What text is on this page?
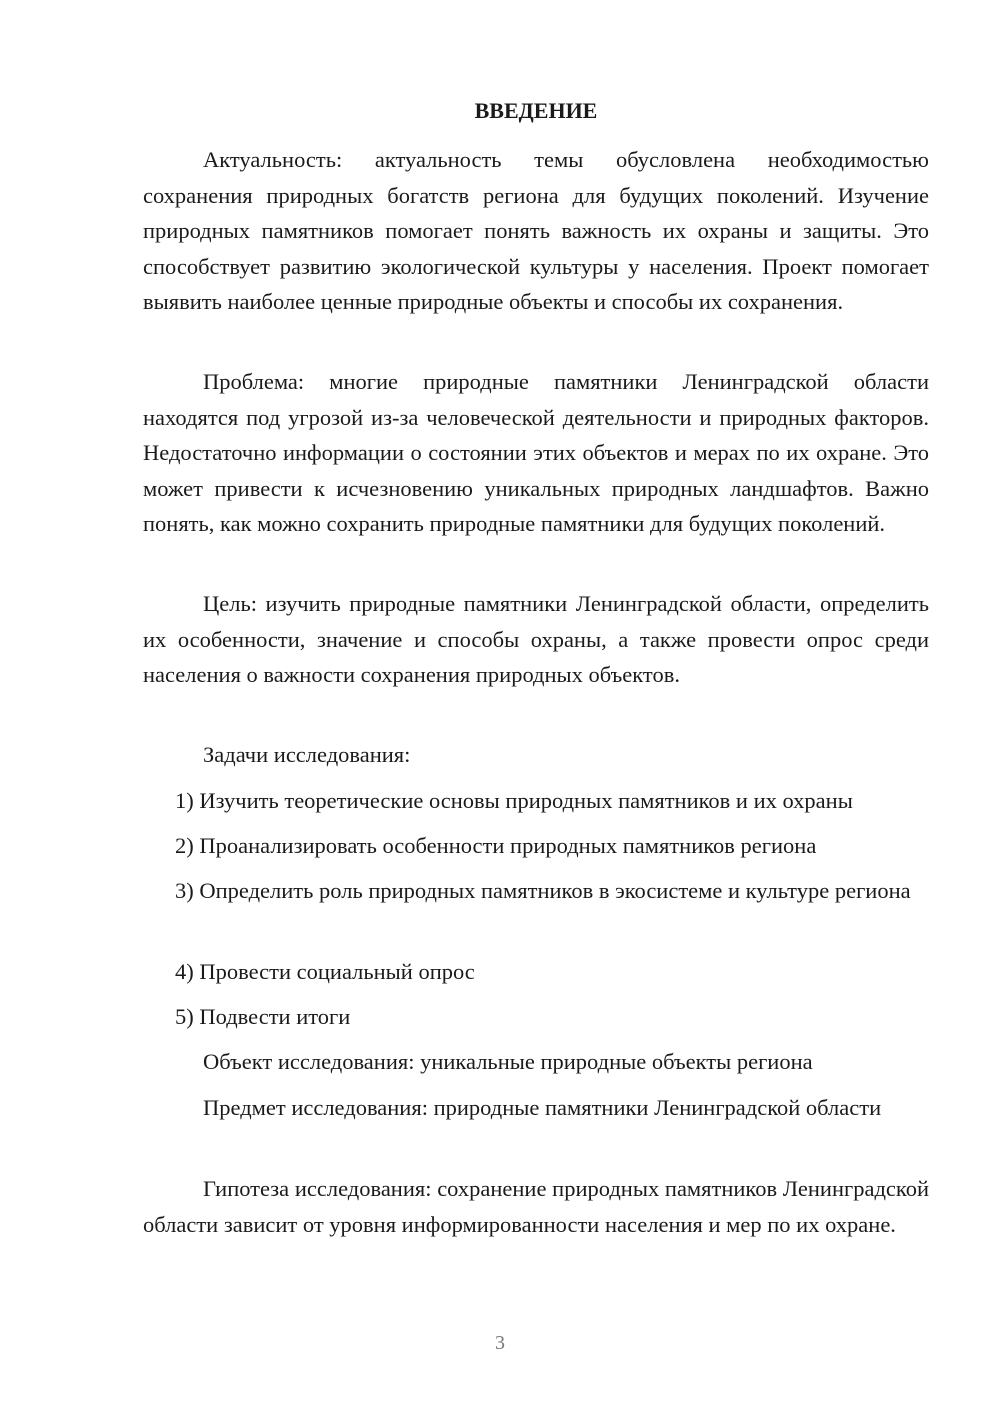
ВВЕДЕНИЕ
Актуальность: актуальность темы обусловлена необходимостью сохранения природных богатств региона для будущих поколений. Изучение природных памятников помогает понять важность их охраны и защиты. Это способствует развитию экологической культуры у населения. Проект помогает выявить наиболее ценные природные объекты и способы их сохранения.
Проблема: многие природные памятники Ленинградской области находятся под угрозой из-за человеческой деятельности и природных факторов. Недостаточно информации о состоянии этих объектов и мерах по их охране. Это может привести к исчезновению уникальных природных ландшафтов. Важно понять, как можно сохранить природные памятники для будущих поколений.
Цель: изучить природные памятники Ленинградской области, определить их особенности, значение и способы охраны, а также провести опрос среди населения о важности сохранения природных объектов.
Задачи исследования:
1) Изучить теоретические основы природных памятников и их охраны
2) Проанализировать особенности природных памятников региона
3) Определить роль природных памятников в экосистеме и культуре региона
4) Провести социальный опрос
5) Подвести итоги
Объект исследования: уникальные природные объекты региона
Предмет исследования: природные памятники Ленинградской области
Гипотеза исследования: сохранение природных памятников Ленинградской области зависит от уровня информированности населения и мер по их охране.
3
